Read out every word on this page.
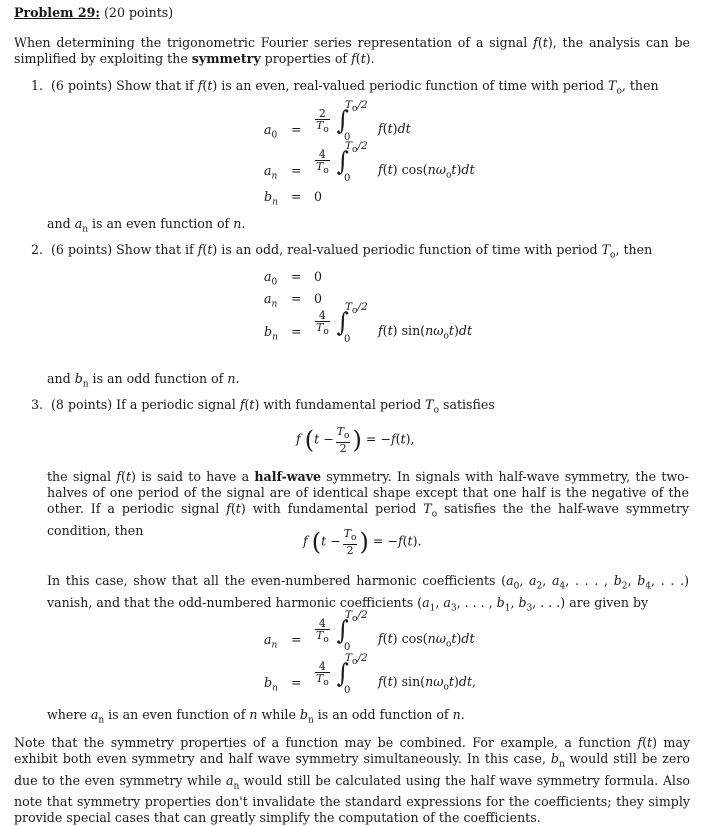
Problem 29: (20 points)
When determining the trigonometric Fourier series representation of a signal f(t), the analysis can be simplified by exploiting the symmetry properties of f(t).
1.  (6 points) Show that if f(t) is an even, real-valued periodic function of time with period $T_o$, then
$a_0 = \frac{2}{T_o}$ ∫
$T_o/2$
0
f(t)dt
$a_n = \frac{4}{T_o}$ ∫
$T_o/2$
0
f(t) $\cos(n\omega_ot)dt$
$b_n = 0$
and $a_n$ is an even function of n.
2.  (6 points) Show that if f(t) is an odd, real-valued periodic function of time with period $T_o$, then
$a_0 = 0$
$a_n = 0$
$b_n = \frac{4}{T_o}$ ∫
$T_o/2$
0
f(t) $\sin(n\omega_ot)dt$
and $b_n$ is an odd function of n.
3.  (8 points) If a periodic signal f(t) with fundamental period $T_o$ satisfies
f ($t - \frac{T_o}{2}$ ) = −f(t),
the signal f(t) is said to have a half-wave symmetry. In signals with half-wave symmetry, the two-halves of one period of the signal are of identical shape except that one half is the negative of the other. If a periodic signal f(t) with fundamental period $T_o$ satisfies the the half-wave symmetry condition, then
f ($t - \frac{T_o}{2}$ ) = −f(t).
In this case, show that all the even-numbered harmonic coefficients ($a_0$, $a_2$, $a_4$, . . . , $b_2$, $b_4$, . . .) vanish, and that the odd-numbered harmonic coefficients ($a_1$, $a_3$, . . . , $b_1$, $b_3$, . . .) are given by
$a_n = \frac{4}{T_o}$ ∫
$T_o/2$
0
f(t) $\cos(n\omega_ot)dt$
$b_n = \frac{4}{T_o}$ ∫
$T_o/2$
0
f(t) $\sin(n\omega_ot)dt$,
where $a_n$ is an even function of n while $b_n$ is an odd function of n.
Note that the symmetry properties of a function may be combined. For example, a function f(t) may exhibit both even symmetry and half wave symmetry simultaneously. In this case, $b_n$ would still be zero due to the even symmetry while $a_n$ would still be calculated using the half wave symmetry formula. Also note that symmetry properties don't invalidate the standard expressions for the coefficients; they simply provide special cases that can greatly simplify the computation of the coefficients.
